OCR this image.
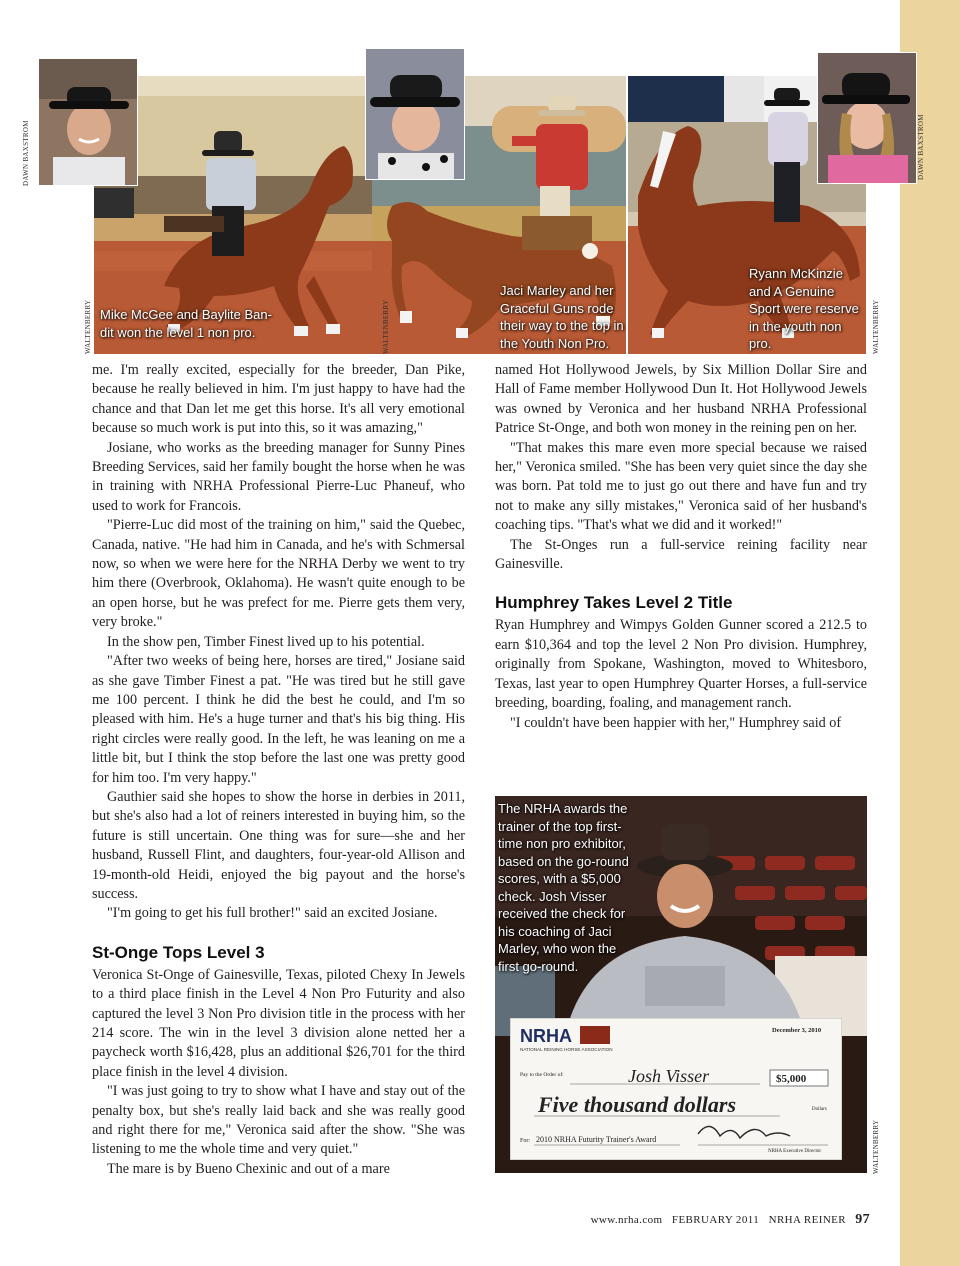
Mike McGee and Baylite Ban-dit won the level 1 non pro.
Jaci Marley and her Graceful Guns rode their way to the top in the Youth Non Pro.
Ryann McKinzie and A Genuine Sport were reserve in the youth non pro.
DAWN BAXSTROM
WALTENBERRY	WALTENBERRY
DAWN BAXSTROM
WALTENBERRY
WALTENBERRY

me. I'm really excited, especially for the breeder, Dan Pike, because he really believed in him. I'm just happy to have had the chance and that Dan let me get this horse. It's all very emotional because so much work is put into this, so it was amazing,"

Josiane, who works as the breeding manager for Sunny Pines Breeding Services, said her family bought the horse when he was in training with NRHA Professional Pierre-Luc Phaneuf, who used to work for Francois.

"Pierre-Luc did most of the training on him," said the Quebec, Canada, native. "He had him in Canada, and he's with Schmersal now, so when we were here for the NRHA Derby we went to try him there (Overbrook, Oklahoma). He wasn't quite enough to be an open horse, but he was prefect for me. Pierre gets them very, very broke."

In the show pen, Timber Finest lived up to his potential.

"After two weeks of being here, horses are tired," Josiane said as she gave Timber Finest a pat. "He was tired but he still gave me 100 percent. I think he did the best he could, and I'm so pleased with him. He's a huge turner and that's his big thing. His right circles were really good. In the left, he was leaning on me a little bit, but I think the stop before the last one was pretty good for him too. I'm very happy."

Gauthier said she hopes to show the horse in derbies in 2011, but she's also had a lot of reiners interested in buying him, so the future is still uncertain. One thing was for sure—she and her husband, Russell Flint, and daughters, four-year-old Allison and 19-month-old Heidi, enjoyed the big payout and the horse's success.

"I'm going to get his full brother!" said an excited Josiane.

St-Onge Tops Level 3

Veronica St-Onge of Gainesville, Texas, piloted Chexy In Jewels to a third place finish in the Level 4 Non Pro Futurity and also captured the level 3 Non Pro division title in the process with her 214 score. The win in the level 3 division alone netted her a paycheck worth $16,428, plus an additional $26,701 for the third place finish in the level 4 division.

"I was just going to try to show what I have and stay out of the penalty box, but she's really laid back and she was really good and right there for me," Veronica said after the show. "She was listening to me the whole time and very quiet."

The mare is by Bueno Chexinic and out of a mare

named Hot Hollywood Jewels, by Six Million Dollar Sire and Hall of Fame member Hollywood Dun It. Hot Hollywood Jewels was owned by Veronica and her husband NRHA Professional Patrice St-Onge, and both won money in the reining pen on her.

"That makes this mare even more special because we raised her," Veronica smiled. "She has been very quiet since the day she was born. Pat told me to just go out there and have fun and try not to make any silly mistakes," Veronica said of her husband's coaching tips. "That's what we did and it worked!"

The St-Onges run a full-service reining facility near Gainesville.

Humphrey Takes Level 2 Title

Ryan Humphrey and Wimpys Golden Gunner scored a 212.5 to earn $10,364 and top the level 2 Non Pro division. Humphrey, originally from Spokane, Washington, moved to Whitesboro, Texas, last year to open Humphrey Quarter Horses, a full-service breeding, boarding, foaling, and management ranch.

"I couldn't have been happier with her," Humphrey said of

NRHA
NATIONAL REINING HORSE ASSOCIATION
December 3, 2010
Pay to the Order of:	Josh Visser	$5,000
Five thousand dollars	Dollars
For: 2010 NRHA Futurity Trainer's Award
NRHA Executive Director
The NRHA awards the trainer of the top first-time non pro exhibitor, based on the go-round scores, with a $5,000 check. Josh Visser received the check for his coaching of Jaci Marley, who won the first go-round.
www.nrha.com FEBRUARY 2011 NRHA REINER 97
